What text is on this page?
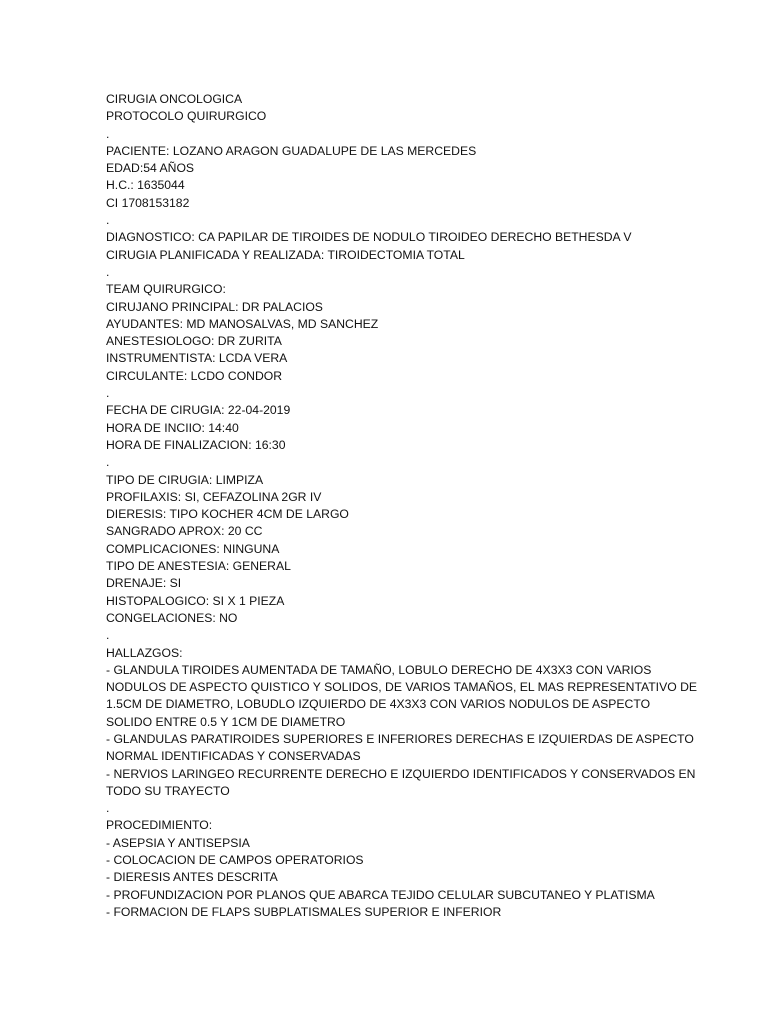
CIRUGIA ONCOLOGICA
PROTOCOLO QUIRURGICO
.
PACIENTE: LOZANO ARAGON GUADALUPE DE LAS MERCEDES
EDAD:54 AÑOS
H.C.: 1635044
CI 1708153182
.
DIAGNOSTICO: CA PAPILAR DE TIROIDES DE NODULO TIROIDEO DERECHO BETHESDA V
CIRUGIA PLANIFICADA Y REALIZADA: TIROIDECTOMIA TOTAL
.
TEAM QUIRURGICO:
CIRUJANO PRINCIPAL: DR PALACIOS
AYUDANTES: MD MANOSALVAS, MD SANCHEZ
ANESTESIOLOGO: DR ZURITA
INSTRUMENTISTA: LCDA VERA
CIRCULANTE: LCDO CONDOR
.
FECHA DE CIRUGIA: 22-04-2019
HORA DE INCIIO: 14:40
HORA DE FINALIZACION: 16:30
.
TIPO DE CIRUGIA: LIMPIZA
PROFILAXIS: SI, CEFAZOLINA 2GR IV
DIERESIS: TIPO KOCHER 4CM DE LARGO
SANGRADO APROX: 20 CC
COMPLICACIONES: NINGUNA
TIPO DE ANESTESIA: GENERAL
DRENAJE: SI
HISTOPALOGICO: SI X 1 PIEZA
CONGELACIONES: NO
.
HALLAZGOS:
- GLANDULA TIROIDES AUMENTADA DE TAMAÑO, LOBULO DERECHO DE 4X3X3 CON VARIOS
NODULOS DE ASPECTO QUISTICO Y SOLIDOS, DE VARIOS TAMAÑOS, EL MAS REPRESENTATIVO DE
1.5CM DE DIAMETRO, LOBUDLO IZQUIERDO DE 4X3X3 CON VARIOS NODULOS DE ASPECTO
SOLIDO ENTRE 0.5 Y 1CM DE DIAMETRO
- GLANDULAS PARATIROIDES SUPERIORES E INFERIORES DERECHAS E IZQUIERDAS DE ASPECTO
NORMAL IDENTIFICADAS Y CONSERVADAS
- NERVIOS LARINGEO RECURRENTE DERECHO E IZQUIERDO IDENTIFICADOS Y CONSERVADOS EN
TODO SU TRAYECTO
.
PROCEDIMIENTO:
- ASEPSIA Y ANTISEPSIA
- COLOCACION DE CAMPOS OPERATORIOS
- DIERESIS ANTES DESCRITA
- PROFUNDIZACION POR PLANOS QUE ABARCA TEJIDO CELULAR SUBCUTANEO Y PLATISMA
- FORMACION DE FLAPS SUBPLATISMALES SUPERIOR E INFERIOR
